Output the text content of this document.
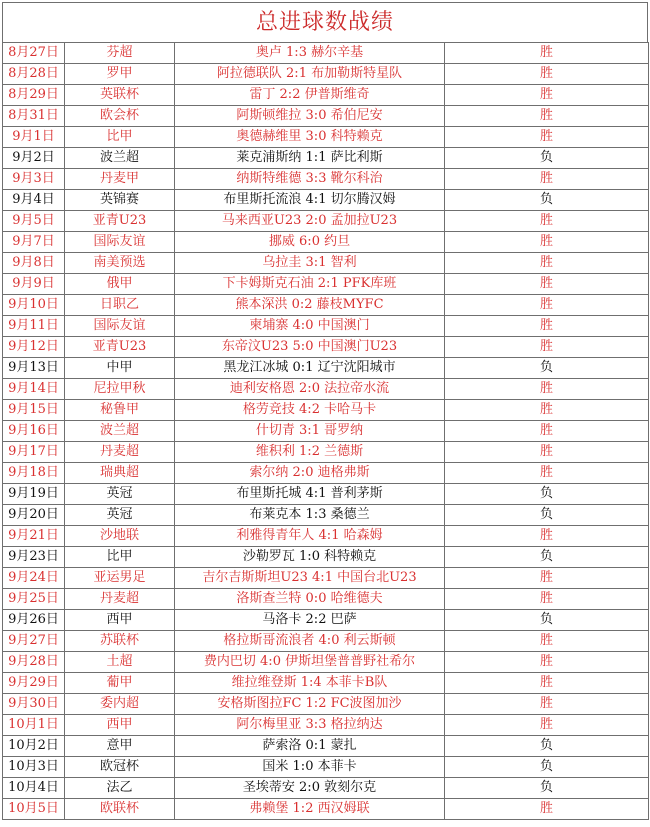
总进球数战绩
8月27日	芬超	奥卢 1:3 赫尔辛基	胜
8月28日	罗甲	阿拉德联队 2:1 布加勒斯特星队	胜
8月29日	英联杯	雷丁 2:2 伊普斯维奇	胜
8月31日	欧会杯	阿斯顿维拉 3:0 希伯尼安	胜
9月1日	比甲	奥德赫维里 3:0 科特赖克	胜
9月2日	波兰超	莱克浦斯纳 1:1 萨比利斯	负
9月3日	丹麦甲	纳斯特维德 3:3 靴尔科治	胜
9月4日	英锦赛	布里斯托流浪 4:1 切尔腾汉姆	负
9月5日	亚青U23	马来西亚U23 2:0 孟加拉U23	胜
9月7日	国际友谊	挪威 6:0 约旦	胜
9月8日	南美预选	乌拉圭 3:1 智利	胜
9月9日	俄甲	下卡姆斯克石油 2:1 PFK库班	胜
9月10日	日职乙	熊本深洪 0:2 藤枝MYFC	胜
9月11日	国际友谊	柬埔寨 4:0 中国澳门	胜
9月12日	亚青U23	东帝汶U23 5:0 中国澳门U23	胜
9月13日	中甲	黑龙江冰城 0:1 辽宁沈阳城市	负
9月14日	尼拉甲秋	迪利安格恩 2:0 法拉帝水流	胜
9月15日	秘鲁甲	格劳竞技 4:2 卡哈马卡	胜
9月16日	波兰超	什切青 3:1 哥罗纳	胜
9月17日	丹麦超	维积利 1:2 兰德斯	胜
9月18日	瑞典超	索尔纳 2:0 迪格弗斯	胜
9月19日	英冠	布里斯托城 4:1 普利茅斯	负
9月20日	英冠	布莱克本 1:3 桑德兰	负
9月21日	沙地联	利雅得青年人 4:1 哈森姆	胜
9月23日	比甲	沙勒罗瓦 1:0 科特赖克	负
9月24日	亚运男足	吉尔吉斯斯坦U23 4:1 中国台北U23	胜
9月25日	丹麦超	洛斯查兰特 0:0 哈维德夫	胜
9月26日	西甲	马洛卡 2:2 巴萨	负
9月27日	苏联杯	格拉斯哥流浪者 4:0 利云斯顿	胜
9月28日	土超	费内巴切 4:0 伊斯坦堡普普野社希尔	胜
9月29日	葡甲	维拉维登斯 1:4 本菲卡B队	胜
9月30日	委内超	安格斯图拉FC 1:2 FC波图加沙	胜
10月1日	西甲	阿尔梅里亚 3:3 格拉纳达	胜
10月2日	意甲	萨索洛 0:1 蒙扎	负
10月3日	欧冠杯	国米 1:0 本菲卡	负
10月4日	法乙	圣埃蒂安 2:0 敦刻尔克	负
10月5日	欧联杯	弗赖堡 1:2 西汉姆联	胜
